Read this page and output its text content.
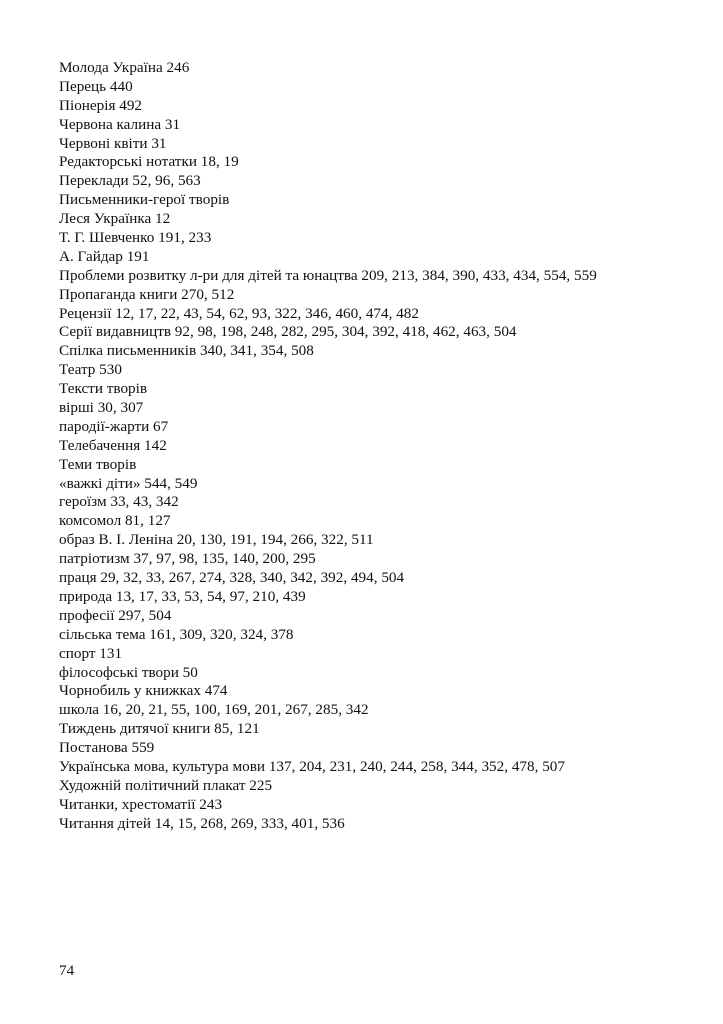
Молода Україна 246
Перець 440
Піонерія 492
Червона калина 31
Червоні квіти 31
Редакторські нотатки 18, 19
Переклади 52, 96, 563
Письменники-герої творів
Леся Українка 12
Т. Г. Шевченко 191, 233
А. Гайдар 191
Проблеми розвитку л-ри для дітей та юнацтва 209, 213, 384, 390, 433, 434, 554, 559
Пропаганда книги 270, 512
Рецензії 12, 17, 22, 43, 54, 62, 93, 322, 346, 460, 474, 482
Серії видавництв 92, 98, 198, 248, 282, 295, 304, 392, 418, 462, 463, 504
Спілка письменників 340, 341, 354, 508
Театр 530
Тексти творів
вірші 30, 307
пародії-жарти 67
Телебачення 142
Теми творів
«важкі діти» 544, 549
героїзм 33, 43, 342
комсомол 81, 127
образ В. І. Леніна 20, 130, 191, 194, 266, 322, 511
патріотизм 37, 97, 98, 135, 140, 200, 295
праця 29, 32, 33, 267, 274, 328, 340, 342, 392, 494, 504
природа 13, 17, 33, 53, 54, 97, 210, 439
професії 297, 504
сільська тема 161, 309, 320, 324, 378
спорт 131
філософські твори 50
Чорнобиль у книжках 474
школа 16, 20, 21, 55, 100, 169, 201, 267, 285, 342
Тиждень дитячої книги 85, 121
Постанова 559
Українська мова, культура мови 137, 204, 231, 240, 244, 258, 344, 352, 478, 507
Художній політичний плакат 225
Читанки, хрестоматії 243
Читання дітей 14, 15, 268, 269, 333, 401, 536
74
